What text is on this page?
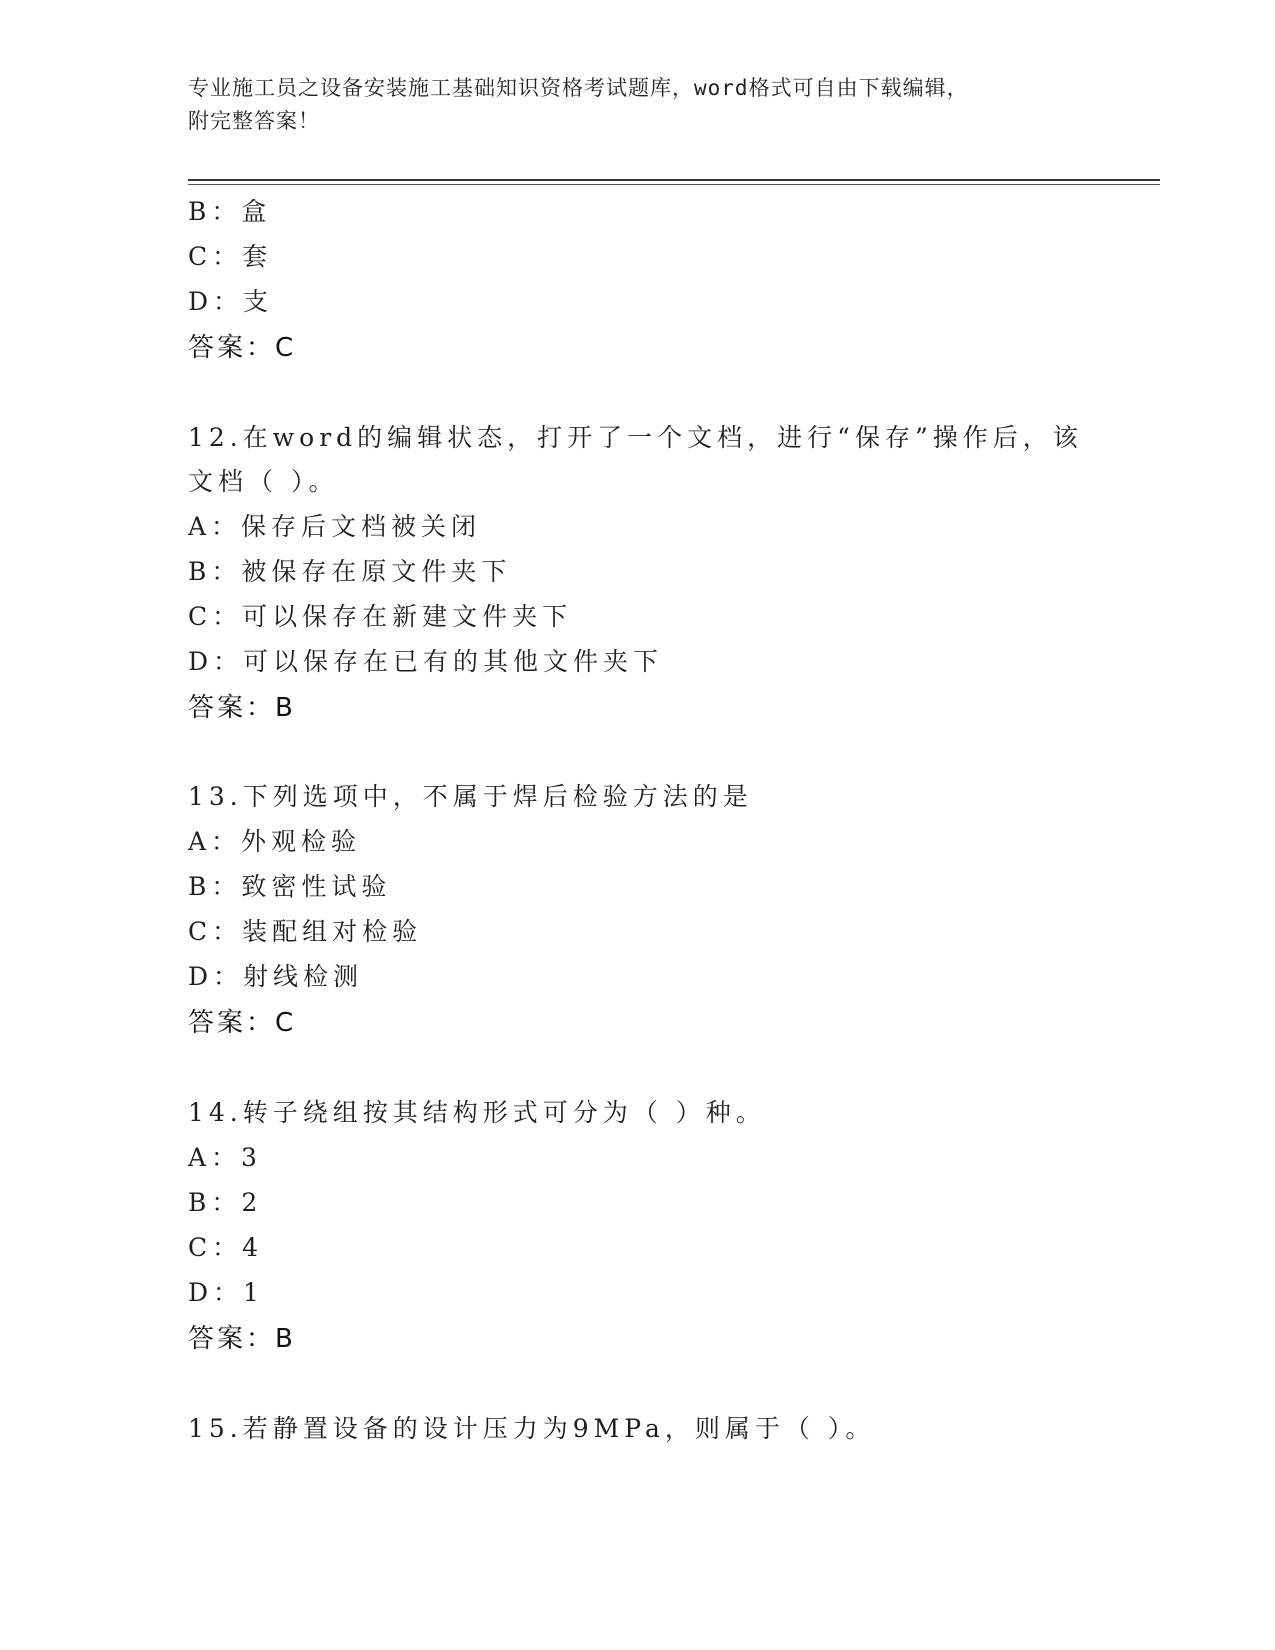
专业施工员之设备安装施工基础知识资格考试题库，word格式可自由下载编辑，
附完整答案！
B：盒
C：套
D：支
答案：C
12.在word的编辑状态，打开了一个文档，进行“保存”操作后，该
文档（ ）。
A：保存后文档被关闭
B：被保存在原文件夹下
C：可以保存在新建文件夹下
D：可以保存在已有的其他文件夹下
答案：B
13.下列选项中，不属于焊后检验方法的是
A：外观检验
B：致密性试验
C：装配组对检验
D：射线检测
答案：C
14.转子绕组按其结构形式可分为（ ）种。
A：3
B：2
C：4
D：1
答案：B
15.若静置设备的设计压力为9MPa，则属于（ ）。
